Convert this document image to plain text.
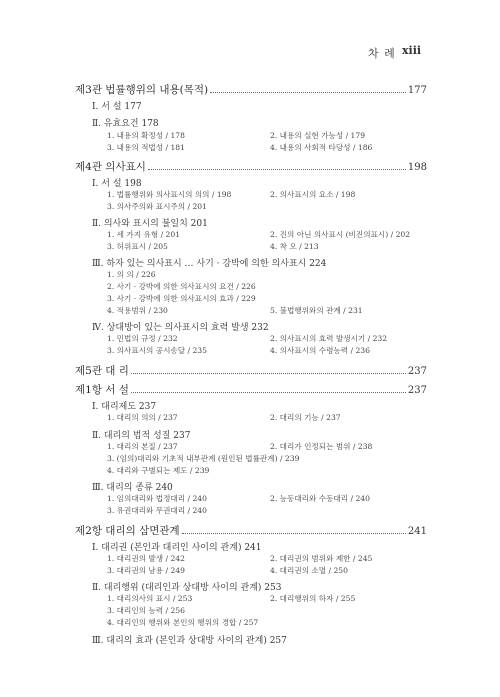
차 례 xiii
제3관 법률행위의 내용(목적)	177
Ⅰ. 서 설 177
Ⅱ. 유효요건 178
1. 내용의 확정성 / 178	2. 내용의 실현 가능성 / 179
3. 내용의 적법성 / 181	4. 내용의 사회적 타당성 / 186
제4관 의사표시	198
Ⅰ. 서 설 198
1. 법률행위와 의사표시의 의의 / 198	2. 의사표시의 요소 / 198
3. 의사주의와 표시주의 / 201
Ⅱ. 의사와 표시의 불일치 201
1. 세 가지 유형 / 201	2. 진의 아닌 의사표시 (비진의표시) / 202
3. 허위표시 / 205	4. 착 오 / 213
Ⅲ. 하자 있는 의사표시 … 사기 · 강박에 의한 의사표시 224
1. 의 의 / 226
2. 사기 · 강박에 의한 의사표시의 요건 / 226
3. 사기 · 강박에 의한 의사표시의 효과 / 229
4. 적용범위 / 230	5. 불법행위와의 관계 / 231
Ⅳ. 상대방이 있는 의사표시의 효력 발생 232
1. 민법의 규정 / 232	2. 의사표시의 효력 발생시기 / 232
3. 의사표시의 공시송달 / 235	4. 의사표시의 수령능력 / 236
제5관 대 리	237
제1항 서 설	237
Ⅰ. 대리제도 237
1. 대리의 의의 / 237	2. 대리의 기능 / 237
Ⅱ. 대리의 법적 성질 237
1. 대리의 본질 / 237	2. 대리가 인정되는 범위 / 238
3. (임의)대리와 기초적 내부관계 (원인된 법률관계) / 239
4. 대리와 구별되는 제도 / 239
Ⅲ. 대리의 종류 240
1. 임의대리와 법정대리 / 240	2. 능동대리와 수동대리 / 240
3. 유권대리와 무권대리 / 240
제2항 대리의 삼면관계	241
Ⅰ. 대리권 (본인과 대리인 사이의 관계) 241
1. 대리권의 발생 / 242	2. 대리권의 범위와 제한 / 245
3. 대리권의 남용 / 249	4. 대리권의 소멸 / 250
Ⅱ. 대리행위 (대리인과 상대방 사이의 관계) 253
1. 대리의사의 표시 / 253	2. 대리행위의 하자 / 255
3. 대리인의 능력 / 256
4. 대리인의 행위와 본인의 행위의 경합 / 257
Ⅲ. 대리의 효과 (본인과 상대방 사이의 관계) 257
